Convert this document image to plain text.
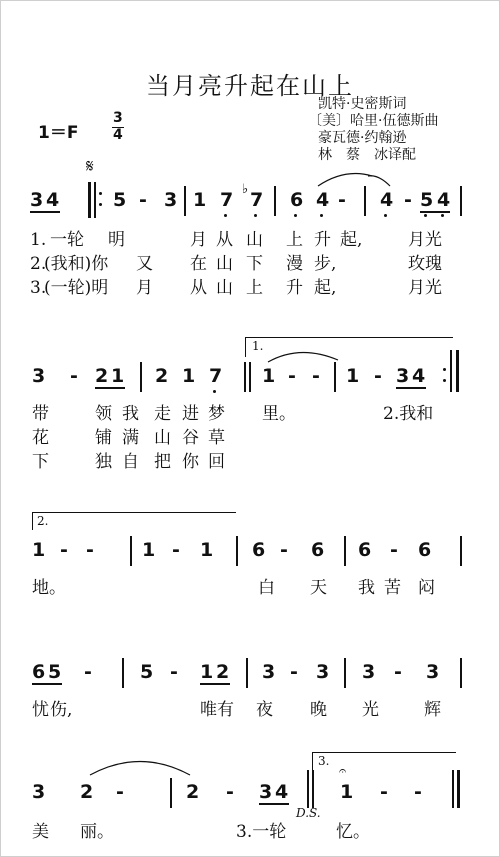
当月亮升起在山上
凯特·史密斯词
〔美〕哈里·伍德斯曲
豪瓦德·约翰逊
林　蔡　冰译配
1＝F
3
4
𝄋
3 4	5 - 3 1 7 ♭ 7 6 4 - 4 - 5 4
1. 一轮 明	月 从 山 上 升 起,	月光
2.
(我和)你 又 在 山 下 漫 步,	玫瑰
3.
(一轮)明 月 从 山 上 升 起,	月光
1.
3 - 2 1 2 1 7 1 - - 1 - 3 4
带	领 我 走 进 梦 里。	2.我和
花	铺 满 山 谷 草
下	独 自 把 你 回
2.
1 - -	1 - 1 6 - 6 6 - 6
地。	白 天 我 苦 闷
6 5 -	5 - 1 2 3 - 3 3 - 3
忧 伤,	唯有 夜 晚 光	辉
3.
3 2 -	2 - 3 4
𝄐
1 - -
D.S.
美 丽。	3.一轮	忆。
